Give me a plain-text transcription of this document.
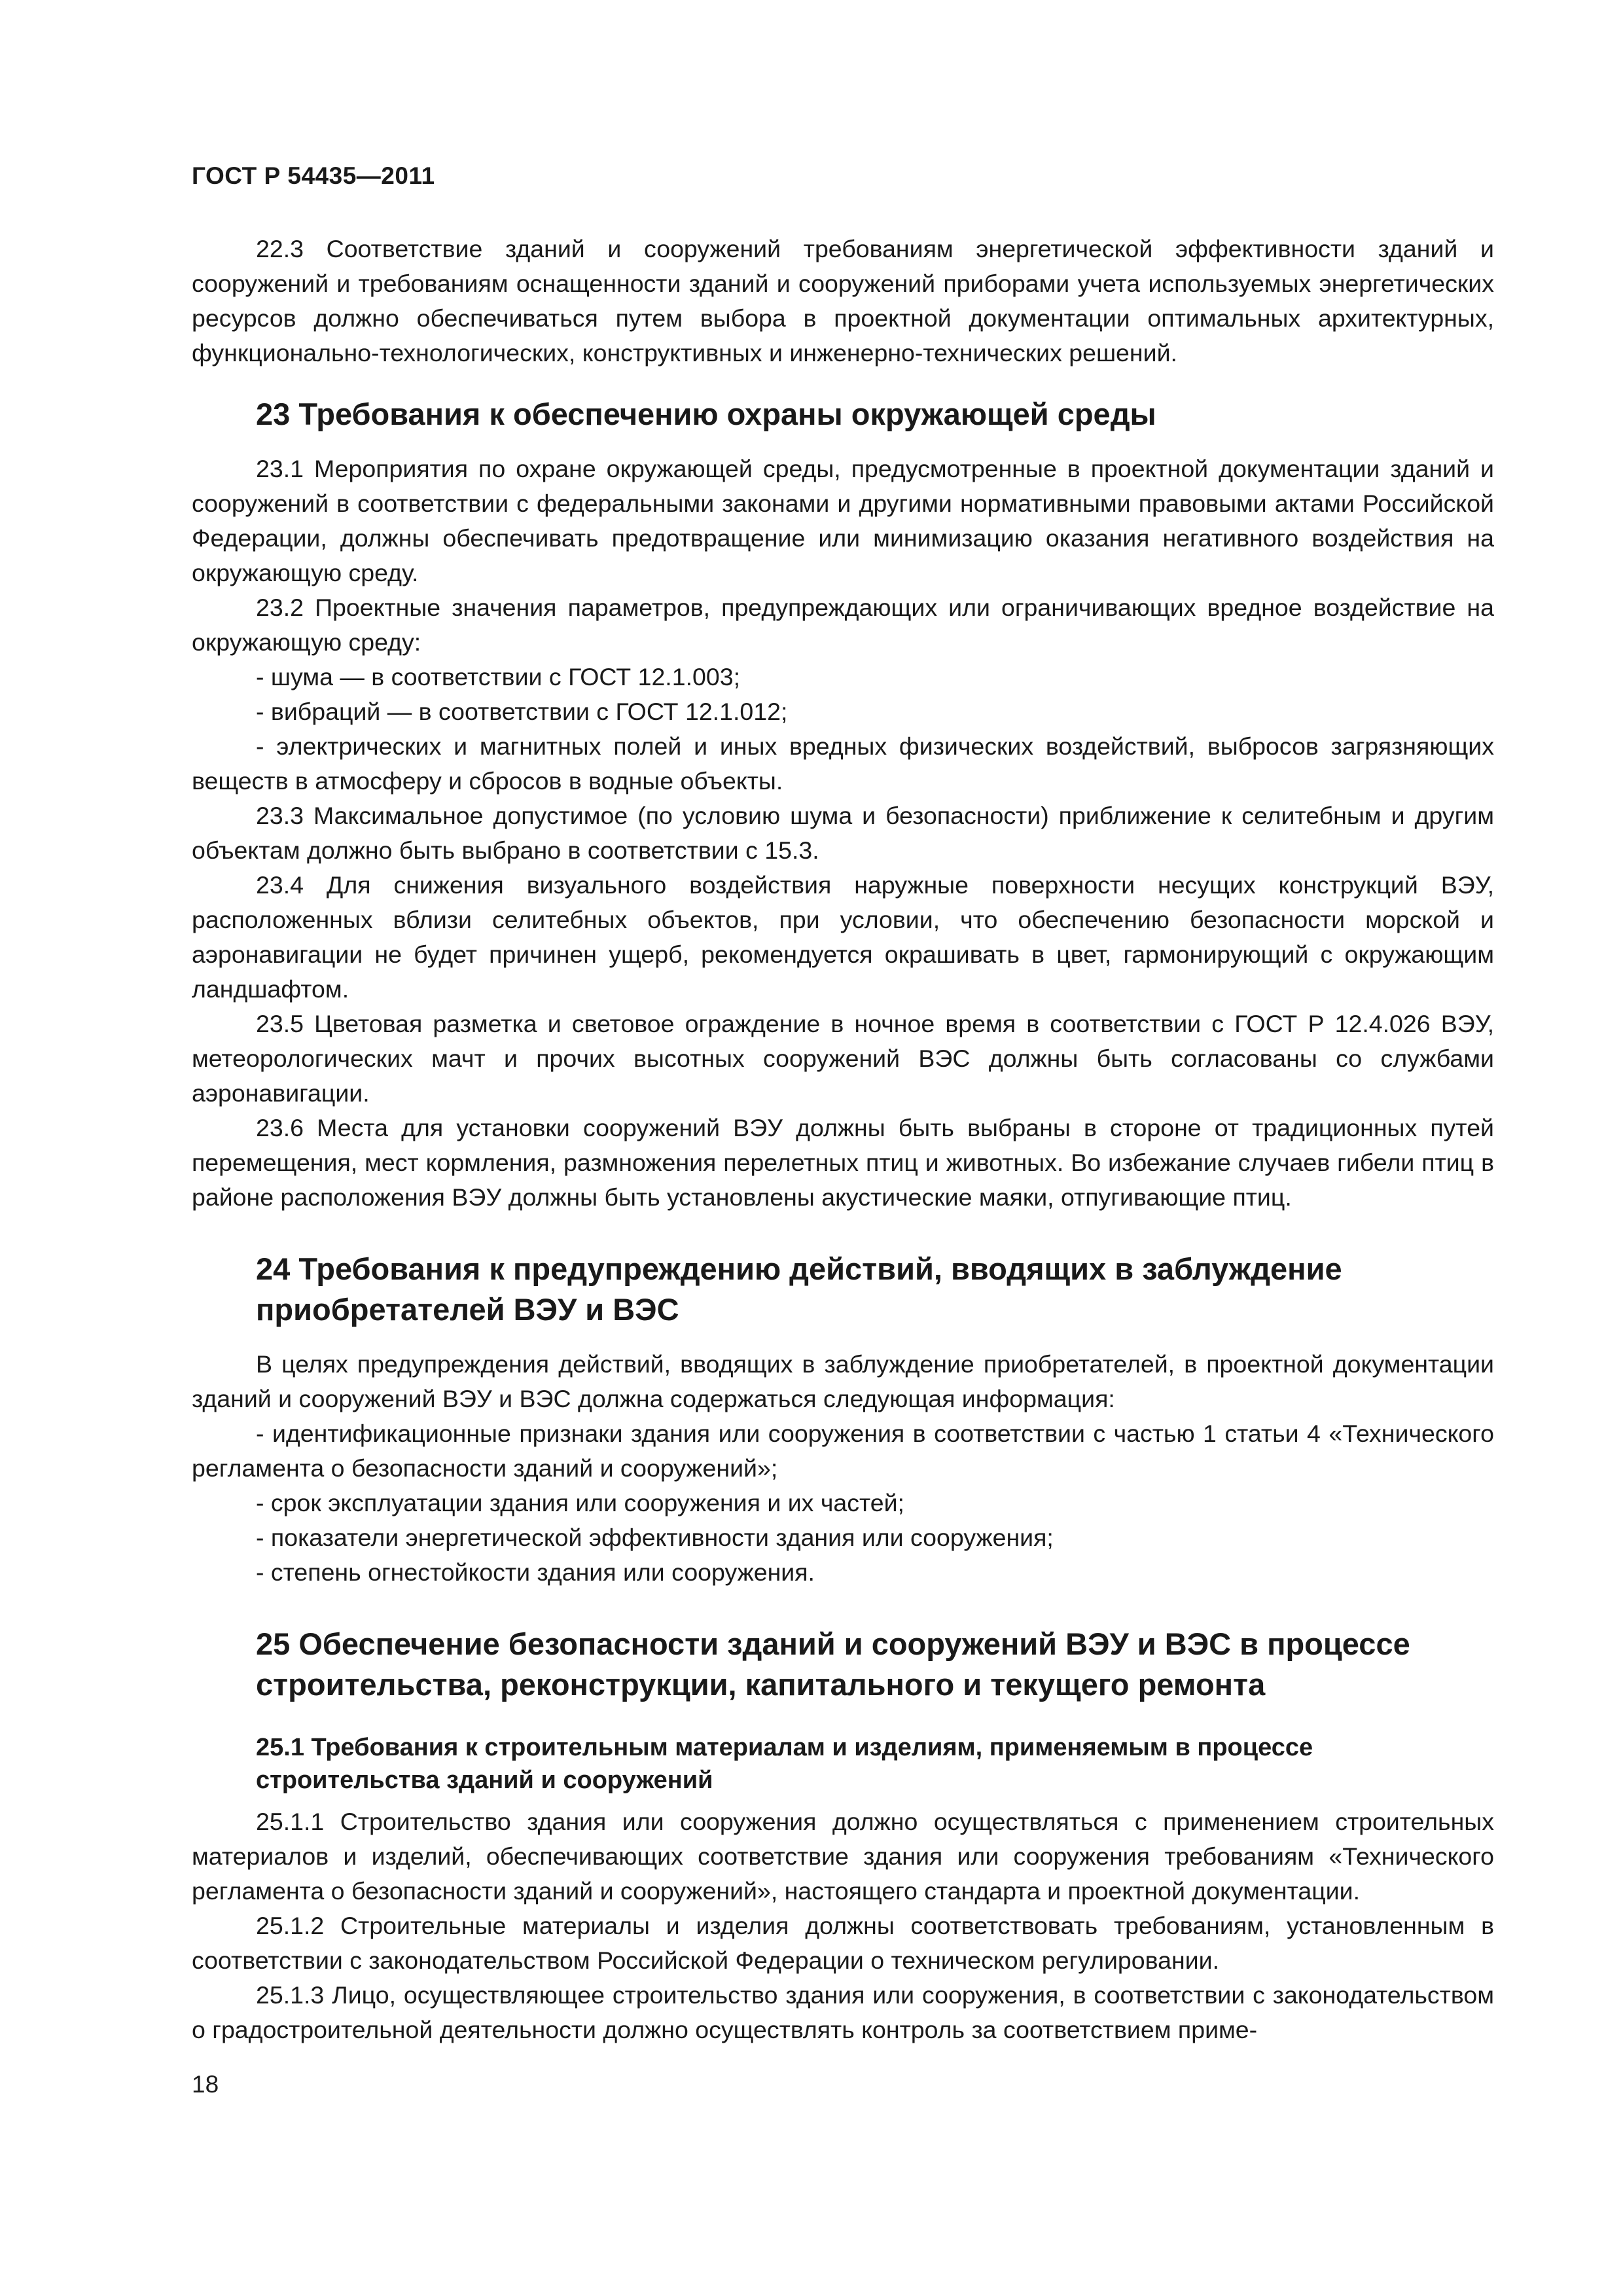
ГОСТ Р 54435—2011

22.3 Соответствие зданий и сооружений требованиям энергетической эффективности зданий и сооружений и требованиям оснащенности зданий и сооружений приборами учета используемых энергетических ресурсов должно обеспечиваться путем выбора в проектной документации оптимальных архитектурных, функционально-технологических, конструктивных и инженерно-технических решений.

23 Требования к обеспечению охраны окружающей среды

23.1 Мероприятия по охране окружающей среды, предусмотренные в проектной документации зданий и сооружений в соответствии с федеральными законами и другими нормативными правовыми актами Российской Федерации, должны обеспечивать предотвращение или минимизацию оказания негативного воздействия на окружающую среду.

23.2 Проектные значения параметров, предупреждающих или ограничивающих вредное воздействие на окружающую среду:

- шума — в соответствии с ГОСТ 12.1.003;

- вибраций — в соответствии с ГОСТ 12.1.012;

- электрических и магнитных полей и иных вредных физических воздействий, выбросов загрязняющих веществ в атмосферу и сбросов в водные объекты.

23.3 Максимальное допустимое (по условию шума и безопасности) приближение к селитебным и другим объектам должно быть выбрано в соответствии с 15.3.

23.4 Для снижения визуального воздействия наружные поверхности несущих конструкций ВЭУ, расположенных вблизи селитебных объектов, при условии, что обеспечению безопасности морской и аэронавигации не будет причинен ущерб, рекомендуется окрашивать в цвет, гармонирующий с окружающим ландшафтом.

23.5 Цветовая разметка и световое ограждение в ночное время в соответствии с ГОСТ Р 12.4.026 ВЭУ, метеорологических мачт и прочих высотных сооружений ВЭС должны быть согласованы со службами аэронавигации.

23.6 Места для установки сооружений ВЭУ должны быть выбраны в стороне от традиционных путей перемещения, мест кормления, размножения перелетных птиц и животных. Во избежание случаев гибели птиц в районе расположения ВЭУ должны быть установлены акустические маяки, отпугивающие птиц.

24 Требования к предупреждению действий, вводящих в заблуждение приобретателей ВЭУ и ВЭС

В целях предупреждения действий, вводящих в заблуждение приобретателей, в проектной документации зданий и сооружений ВЭУ и ВЭС должна содержаться следующая информация:

- идентификационные признаки здания или сооружения в соответствии с частью 1 статьи 4 «Технического регламента о безопасности зданий и сооружений»;

- срок эксплуатации здания или сооружения и их частей;

- показатели энергетической эффективности здания или сооружения;

- степень огнестойкости здания или сооружения.

25 Обеспечение безопасности зданий и сооружений ВЭУ и ВЭС в процессе строительства, реконструкции, капитального и текущего ремонта
25.1 Требования к строительным материалам и изделиям, применяемым в процессе строительства зданий и сооружений

25.1.1 Строительство здания или сооружения должно осуществляться с применением строительных материалов и изделий, обеспечивающих соответствие здания или сооружения требованиям «Технического регламента о безопасности зданий и сооружений», настоящего стандарта и проектной документации.

25.1.2 Строительные материалы и изделия должны соответствовать требованиям, установленным в соответствии с законодательством Российской Федерации о техническом регулировании.

25.1.3 Лицо, осуществляющее строительство здания или сооружения, в соответствии с законодательством о градостроительной деятельности должно осуществлять контроль за соответствием приме-

18
